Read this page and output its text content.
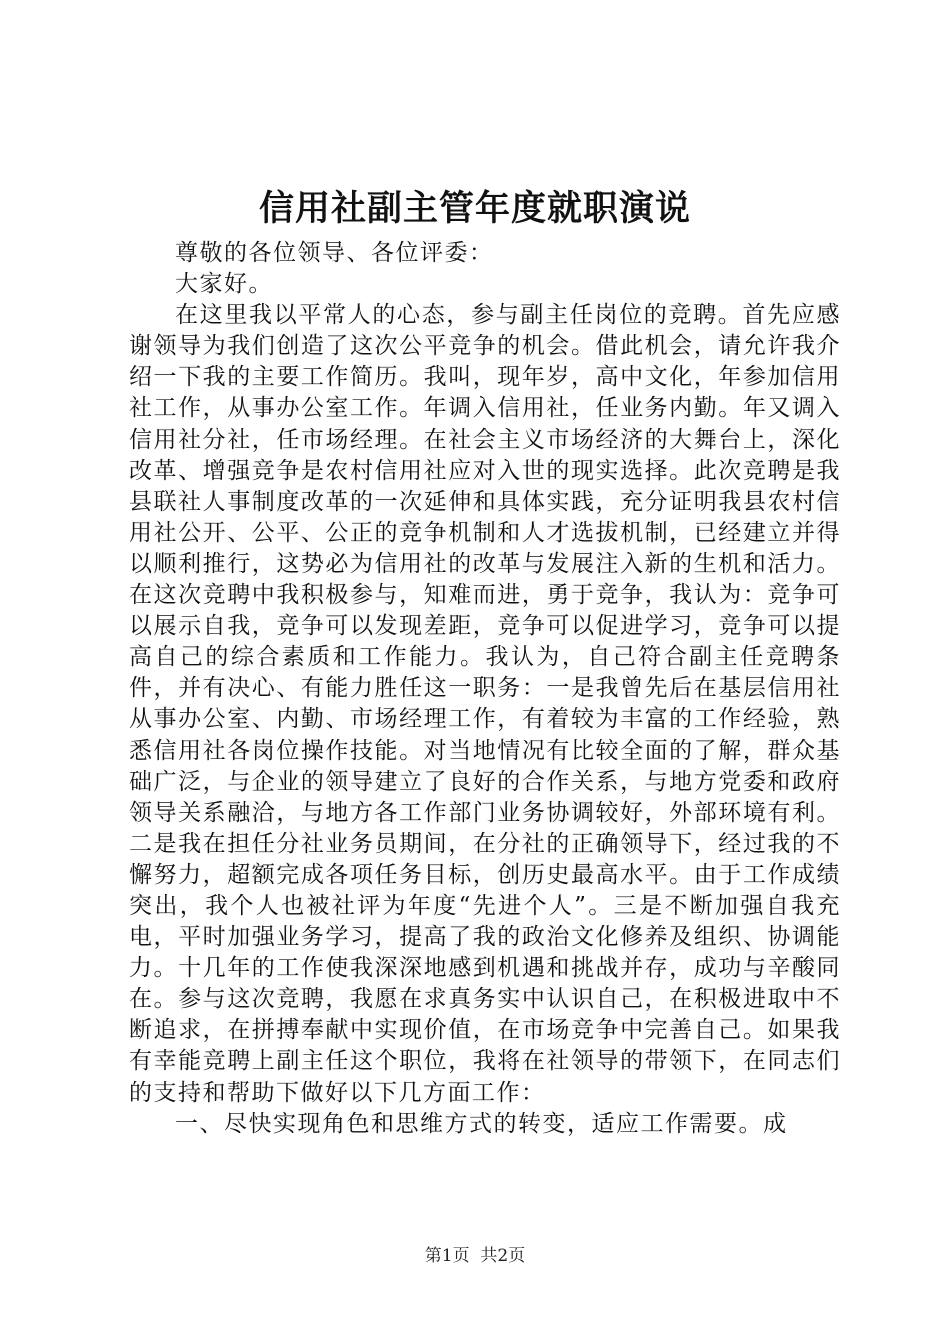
信用社副主管年度就职演说

尊敬的各位领导、各位评委：

大家好。

在这里我以平常人的心态，参与副主任岗位的竞聘。首先应感谢领导为我们创造了这次公平竞争的机会。借此机会，请允许我介绍一下我的主要工作简历。我叫，现年岁，高中文化，年参加信用社工作，从事办公室工作。年调入信用社，任业务内勤。年又调入信用社分社，任市场经理。在社会主义市场经济的大舞台上，深化改革、增强竞争是农村信用社应对入世的现实选择。此次竞聘是我县联社人事制度改革的一次延伸和具体实践，充分证明我县农村信用社公开、公平、公正的竞争机制和人才选拔机制，已经建立并得以顺利推行，这势必为信用社的改革与发展注入新的生机和活力。在这次竞聘中我积极参与，知难而进，勇于竞争，我认为：竞争可以展示自我，竞争可以发现差距，竞争可以促进学习，竞争可以提高自己的综合素质和工作能力。我认为，自己符合副主任竞聘条件，并有决心、有能力胜任这一职务：一是我曾先后在基层信用社从事办公室、内勤、市场经理工作，有着较为丰富的工作经验，熟悉信用社各岗位操作技能。对当地情况有比较全面的了解，群众基础广泛，与企业的领导建立了良好的合作关系，与地方党委和政府领导关系融洽，与地方各工作部门业务协调较好，外部环境有利。二是我在担任分社业务员期间，在分社的正确领导下，经过我的不懈努力，超额完成各项任务目标，创历史最高水平。由于工作成绩突出，我个人也被社评为年度“先进个人”。三是不断加强自我充电，平时加强业务学习，提高了我的政治文化修养及组织、协调能力。十几年的工作使我深深地感到机遇和挑战并存，成功与辛酸同在。参与这次竞聘，我愿在求真务实中认识自己，在积极进取中不断追求，在拼搏奉献中实现价值，在市场竞争中完善自己。如果我有幸能竞聘上副主任这个职位，我将在社领导的带领下，在同志们的支持和帮助下做好以下几方面工作：

一、尽快实现角色和思维方式的转变，适应工作需要。成

第1页  共2页
